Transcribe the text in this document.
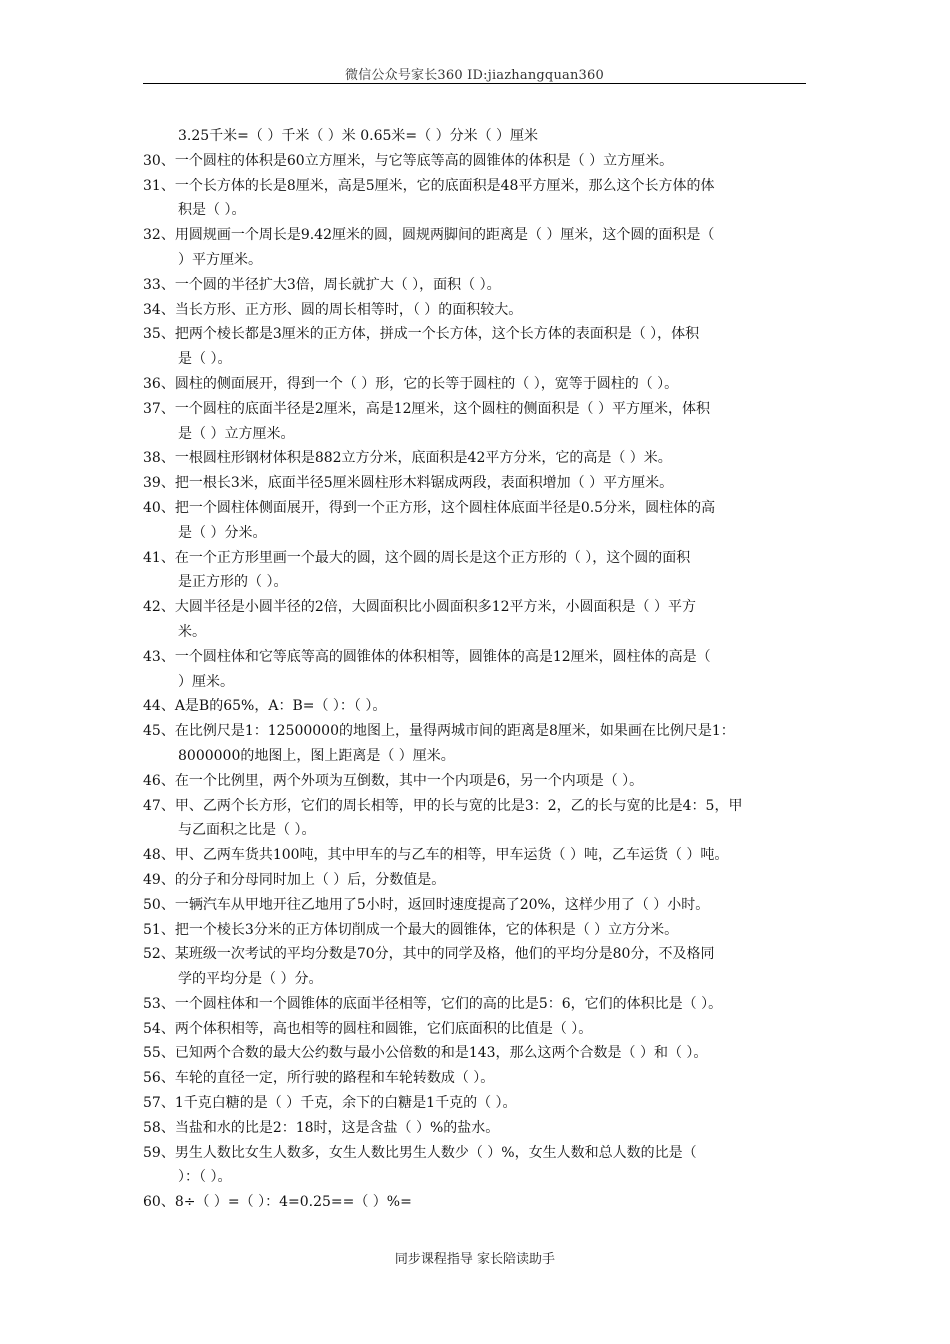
微信公众号家长360 ID:jiazhangquan360
3.25千米=（ ）千米（ ）米 0.65米=（ ）分米（ ）厘米
30、一个圆柱的体积是60立方厘米，与它等底等高的圆锥体的体积是（ ）立方厘米。
31、一个长方体的长是8厘米，高是5厘米，它的底面积是48平方厘米，那么这个长方体的体
积是（ ）。
32、用圆规画一个周长是9.42厘米的圆，圆规两脚间的距离是（ ）厘米，这个圆的面积是（
）平方厘米。
33、一个圆的半径扩大3倍，周长就扩大（ ），面积（ ）。
34、当长方形、正方形、圆的周长相等时，（ ）的面积较大。
35、把两个棱长都是3厘米的正方体，拼成一个长方体，这个长方体的表面积是（ ），体积
是（ ）。
36、圆柱的侧面展开，得到一个（ ）形，它的长等于圆柱的（ ），宽等于圆柱的（ ）。
37、一个圆柱的底面半径是2厘米，高是12厘米，这个圆柱的侧面积是（ ）平方厘米，体积
是（ ）立方厘米。
38、一根圆柱形钢材体积是882立方分米，底面积是42平方分米，它的高是（ ）米。
39、把一根长3米，底面半径5厘米圆柱形木料锯成两段，表面积增加（ ）平方厘米。
40、把一个圆柱体侧面展开，得到一个正方形，这个圆柱体底面半径是0.5分米，圆柱体的高
是（ ）分米。
41、在一个正方形里画一个最大的圆，这个圆的周长是这个正方形的（ ），这个圆的面积
是正方形的（ ）。
42、大圆半径是小圆半径的2倍，大圆面积比小圆面积多12平方米，小圆面积是（ ）平方
米。
43、一个圆柱体和它等底等高的圆锥体的体积相等，圆锥体的高是12厘米，圆柱体的高是（
）厘米。
44、A是B的65%，A：B=（ ）：（ ）。
45、在比例尺是1：12500000的地图上，量得两城市间的距离是8厘米，如果画在比例尺是1：
8000000的地图上，图上距离是（ ）厘米。
46、在一个比例里，两个外项为互倒数，其中一个内项是6，另一个内项是（ ）。
47、甲、乙两个长方形，它们的周长相等，甲的长与宽的比是3：2，乙的长与宽的比是4：5，甲
与乙面积之比是（ ）。
48、甲、乙两车货共100吨，其中甲车的与乙车的相等，甲车运货（ ）吨，乙车运货（ ）吨。
49、的分子和分母同时加上（ ）后，分数值是。
50、一辆汽车从甲地开往乙地用了5小时，返回时速度提高了20%，这样少用了（ ）小时。
51、把一个棱长3分米的正方体切削成一个最大的圆锥体，它的体积是（ ）立方分米。
52、某班级一次考试的平均分数是70分，其中的同学及格，他们的平均分是80分，不及格同
学的平均分是（ ）分。
53、一个圆柱体和一个圆锥体的底面半径相等，它们的高的比是5：6，它们的体积比是（ ）。
54、两个体积相等，高也相等的圆柱和圆锥，它们底面积的比值是（ ）。
55、已知两个合数的最大公约数与最小公倍数的和是143，那么这两个合数是（ ）和（ ）。
56、车轮的直径一定，所行驶的路程和车轮转数成（ ）。
57、1千克白糖的是（ ）千克，余下的白糖是1千克的（ ）。
58、当盐和水的比是2：18时，这是含盐（ ）%的盐水。
59、男生人数比女生人数多，女生人数比男生人数少（ ）%，女生人数和总人数的比是（
）：（ ）。
60、8÷（ ）=（ ）：4=0.25==（ ）%=
同步课程指导 家长陪读助手
